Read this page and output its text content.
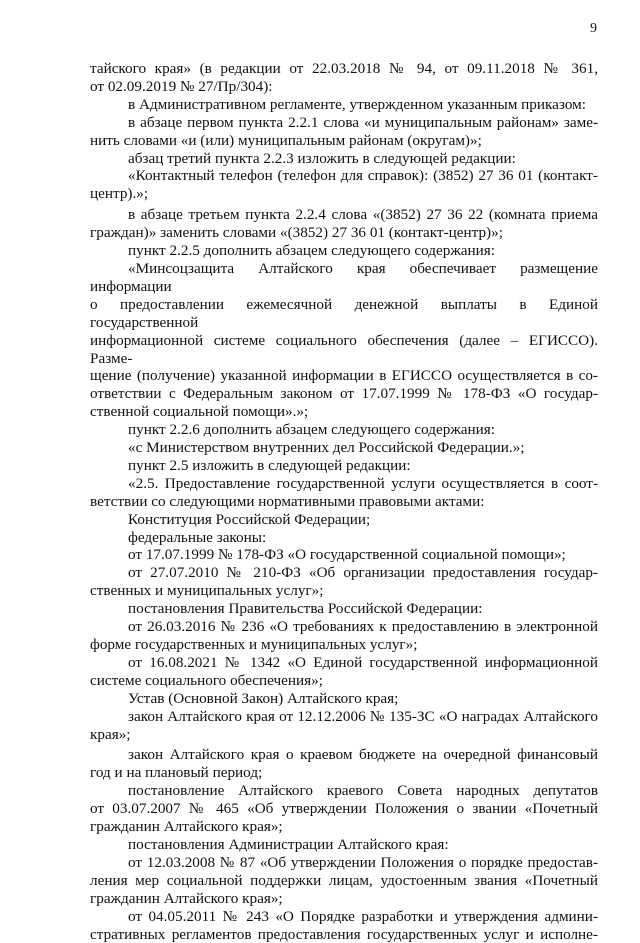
9

тайского края» (в редакции от 22.03.2018 № 94, от 09.11.2018 № 361,

от 02.09.2019 № 27/Пр/304):

в Административном регламенте, утвержденном указанным приказом:

в абзаце первом пункта 2.2.1 слова «и муниципальным районам» заме-

нить словами «и (или) муниципальным районам (округам)»;

абзац третий пункта 2.2.3 изложить в следующей редакции:

«Контактный телефон (телефон для справок): (3852) 27 36 01 (контакт-

центр).»;

в абзаце третьем пункта 2.2.4 слова «(3852) 27 36 22 (комната приема

граждан)» заменить словами «(3852) 27 36 01 (контакт-центр)»;

пункт 2.2.5 дополнить абзацем следующего содержания:

«Минсоцзащита Алтайского края обеспечивает размещение информации

о предоставлении ежемесячной денежной выплаты в Единой государственной

информационной системе социального обеспечения (далее – ЕГИССО). Разме-

щение (получение) указанной информации в ЕГИССО осуществляется в со-

ответствии с Федеральным законом от 17.07.1999 № 178-ФЗ «О государ-

ственной социальной помощи».»;

пункт 2.2.6 дополнить абзацем следующего содержания:

«с Министерством внутренних дел Российской Федерации.»;

пункт 2.5 изложить в следующей редакции:

«2.5. Предоставление государственной услуги осуществляется в соот-

ветствии со следующими нормативными правовыми актами:

Конституция Российской Федерации;

федеральные законы:

от 17.07.1999 № 178-ФЗ «О государственной социальной помощи»;

от 27.07.2010 № 210-ФЗ «Об организации предоставления государ-

ственных и муниципальных услуг»;

постановления Правительства Российской Федерации:

от 26.03.2016 № 236 «О требованиях к предоставлению в электронной

форме государственных и муниципальных услуг»;

от 16.08.2021 № 1342 «О Единой государственной информационной

системе социального обеспечения»;

Устав (Основной Закон) Алтайского края;

закон Алтайского края от 12.12.2006 № 135-ЗС «О наградах Алтайского

края»;

закон Алтайского края о краевом бюджете на очередной финансовый

год и на плановый период;

постановление Алтайского краевого Совета народных депутатов

от 03.07.2007 № 465 «Об утверждении Положения о звании «Почетный

гражданин Алтайского края»;

постановления Администрации Алтайского края:

от 12.03.2008 № 87 «Об утверждении Положения о порядке предостав-

ления мер социальной поддержки лицам, удостоенным звания «Почетный

гражданин Алтайского края»;

от 04.05.2011 № 243 «О Порядке разработки и утверждения админи-

стративных регламентов предоставления государственных услуг и исполне-
